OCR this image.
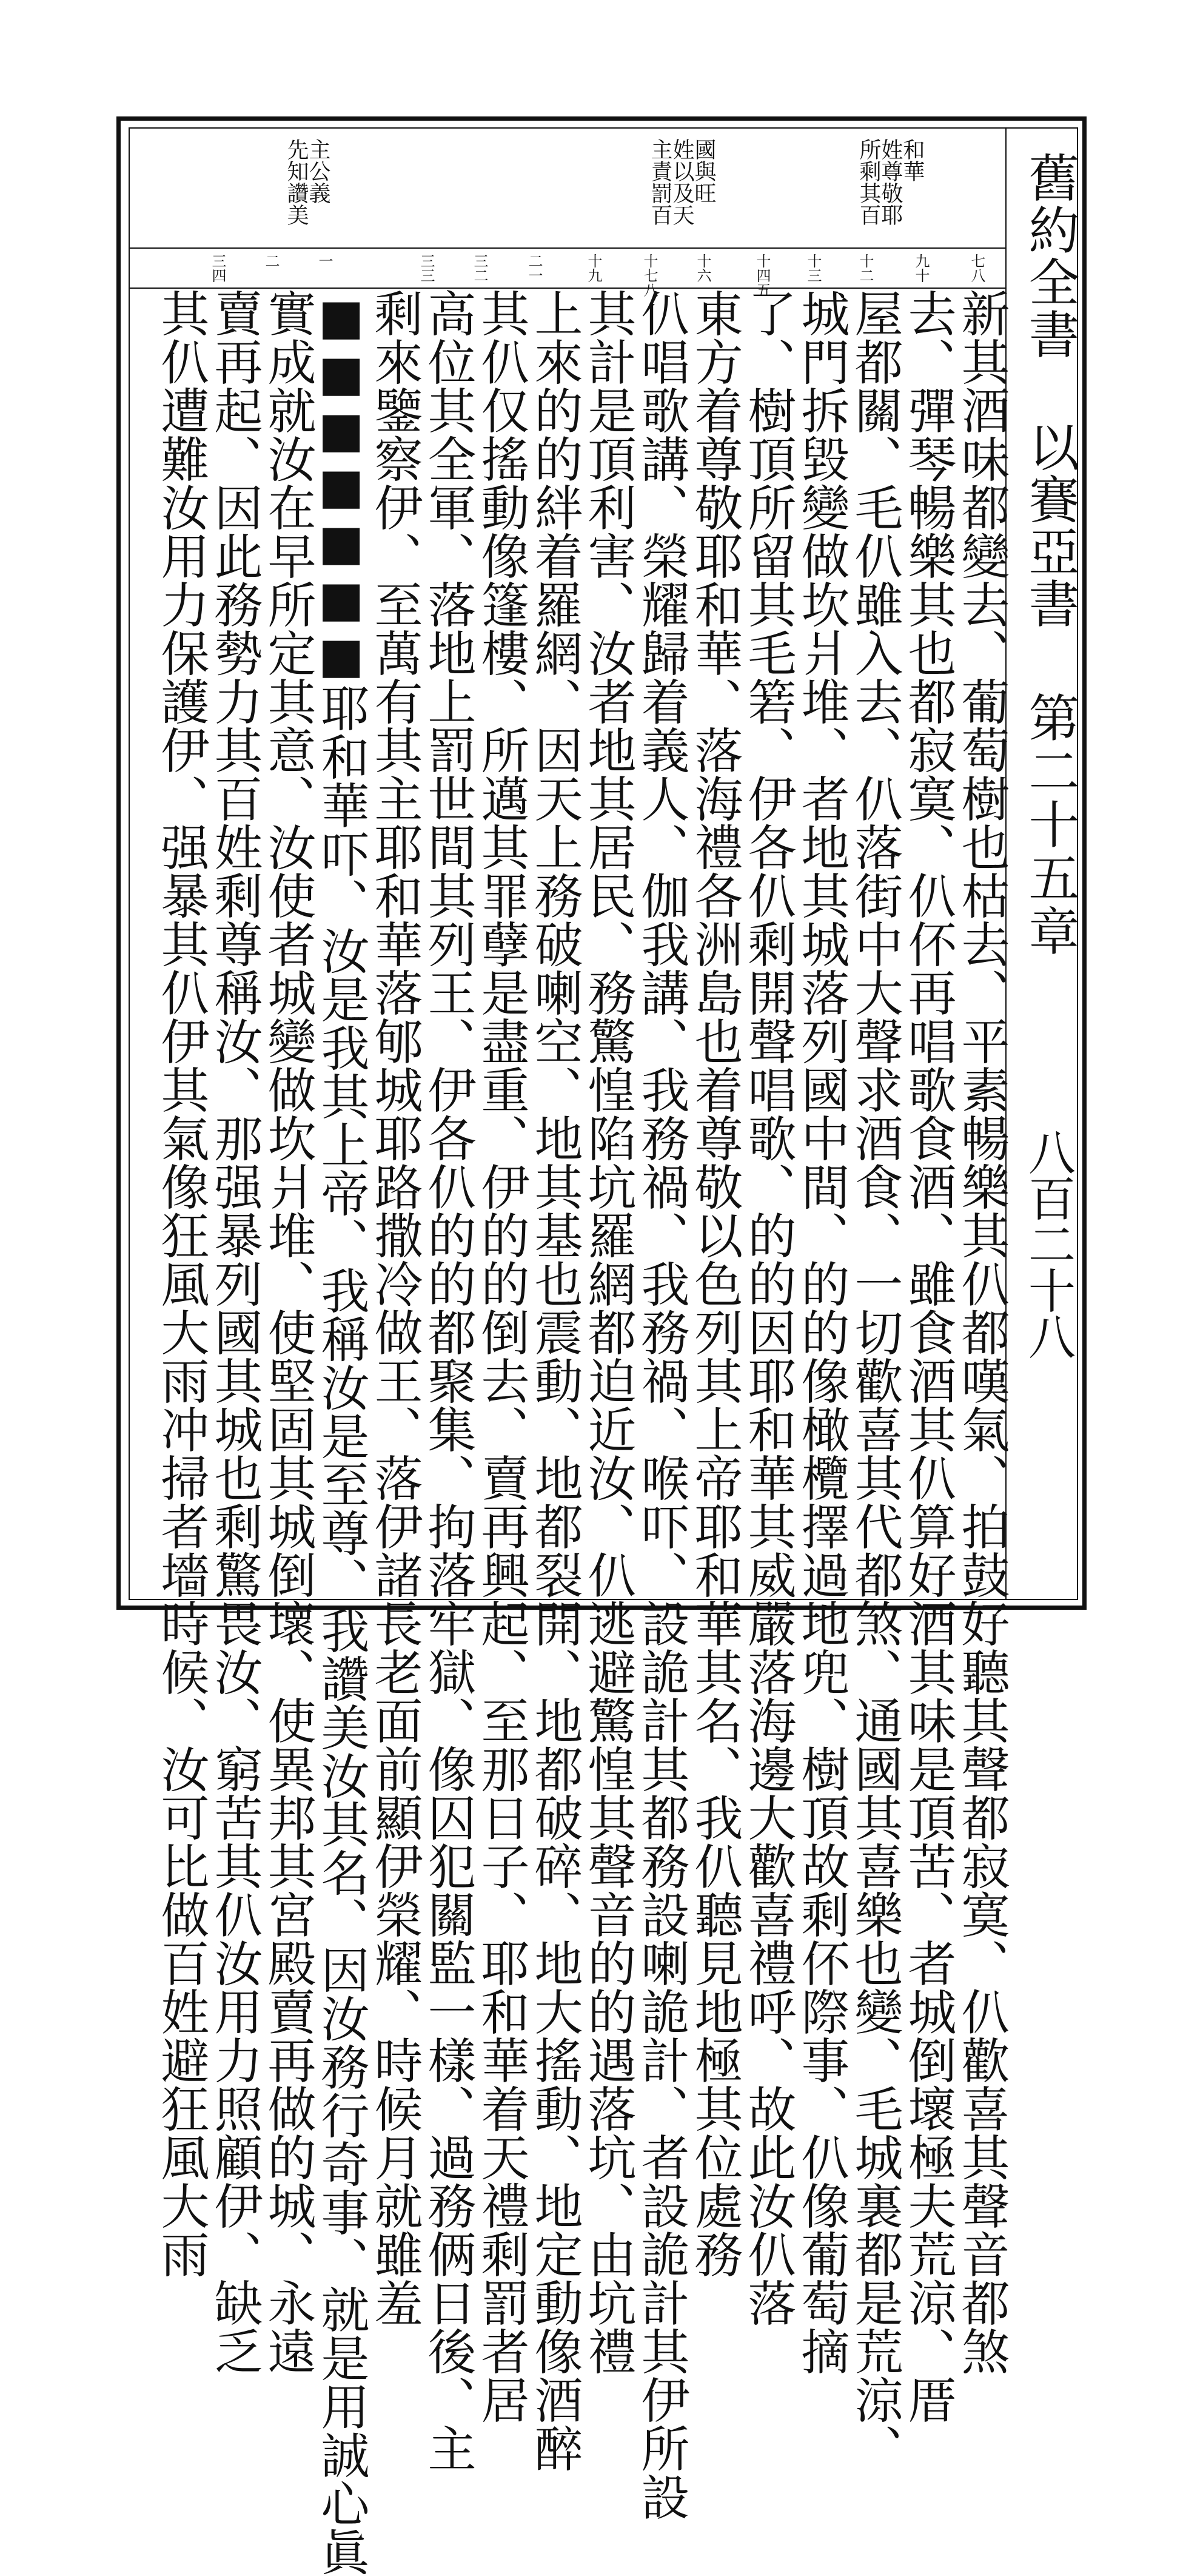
舊約全書 以賽亞書
第二十五章
八百二十八
所剩其百
姓尊敬耶
和華
主責罰百
姓以及天
國與旺
先知讚美
主公義
七八
九十
十二
十三
十四五
十六
十七八
十九
二一
三二
三三
一
二
三四
新其酒味都變去、葡萄樹也枯去、平素暢樂其仈都嘆氣、拍鼓好聽其聲都寂寞、仈歡喜其聲音都煞
去、彈琴暢樂其也都寂寞、仈伓再唱歌食酒、雖食酒其仈算好酒其味是頂苦、者城倒壞極夫荒涼、厝
屋都關、毛仈雖入去、仈落街中大聲求酒食、一切歡喜其代都煞、通國其喜樂也變、毛城裏都是荒涼、
城門拆毀變做坎爿堆、者地其城落列國中間、的的像橄欖擇過地兜、樹頂故剩伓際事、仈像葡萄摘
了、樹頂所留其毛箬、伊各仈剩開聲唱歌、的的因耶和華其威嚴落海邊大歡喜禮呼、故此汝仈落
東方着尊敬耶和華、落海禮各洲島也着尊敬以色列其上帝耶和華其名、我仈聽見地極其位處務
仈唱歌講、榮耀歸着義人、伽我講、我務禍、我務禍、喉吓、設詭計其都務設喇詭計、者設詭計其伊所設
其計是頂利害、汝者地其居民、務驚惶陷坑羅網都迫近汝、仈逃避驚惶其聲音的的遇落坑、由坑禮
上來的的絆着羅網、因天上務破喇空、地其基也震動、地都裂開、地都破碎、地大搖動、地定動像酒醉
其仈仅搖動像篷樓、所邁其罪孽是盡重、伊的的倒去、賣再興起、至那日子、耶和華着天禮剩罰者居
高位其全軍、落地上罰世間其列王、伊各仈的的都聚集、拘落牢獄、像囚犯關監一樣、過務俩日後、主
剩來鑒察伊、至萬有其主耶和華落郇城耶路撒冷做王、落伊諸長老面前顯伊榮耀、時候月就雖羞
■■■■■■■耶和華吓、汝是我其上帝、我稱汝是至尊、我讚美汝其名、因汝務行奇事、就是用誠心眞
實成就汝在早所定其意、汝使者城變做坎爿堆、使堅固其城倒壞、使異邦其宮殿賣再做的城、永遠
賣再起、因此務勢力其百姓剩尊稱汝、那强暴列國其城也剩驚畏汝、窮苦其仈汝用力照顧伊、缺乏
其仈遭難汝用力保護伊、强暴其仈伊其氣像狂風大雨冲掃者墻時候、汝可比做百姓避狂風大雨
